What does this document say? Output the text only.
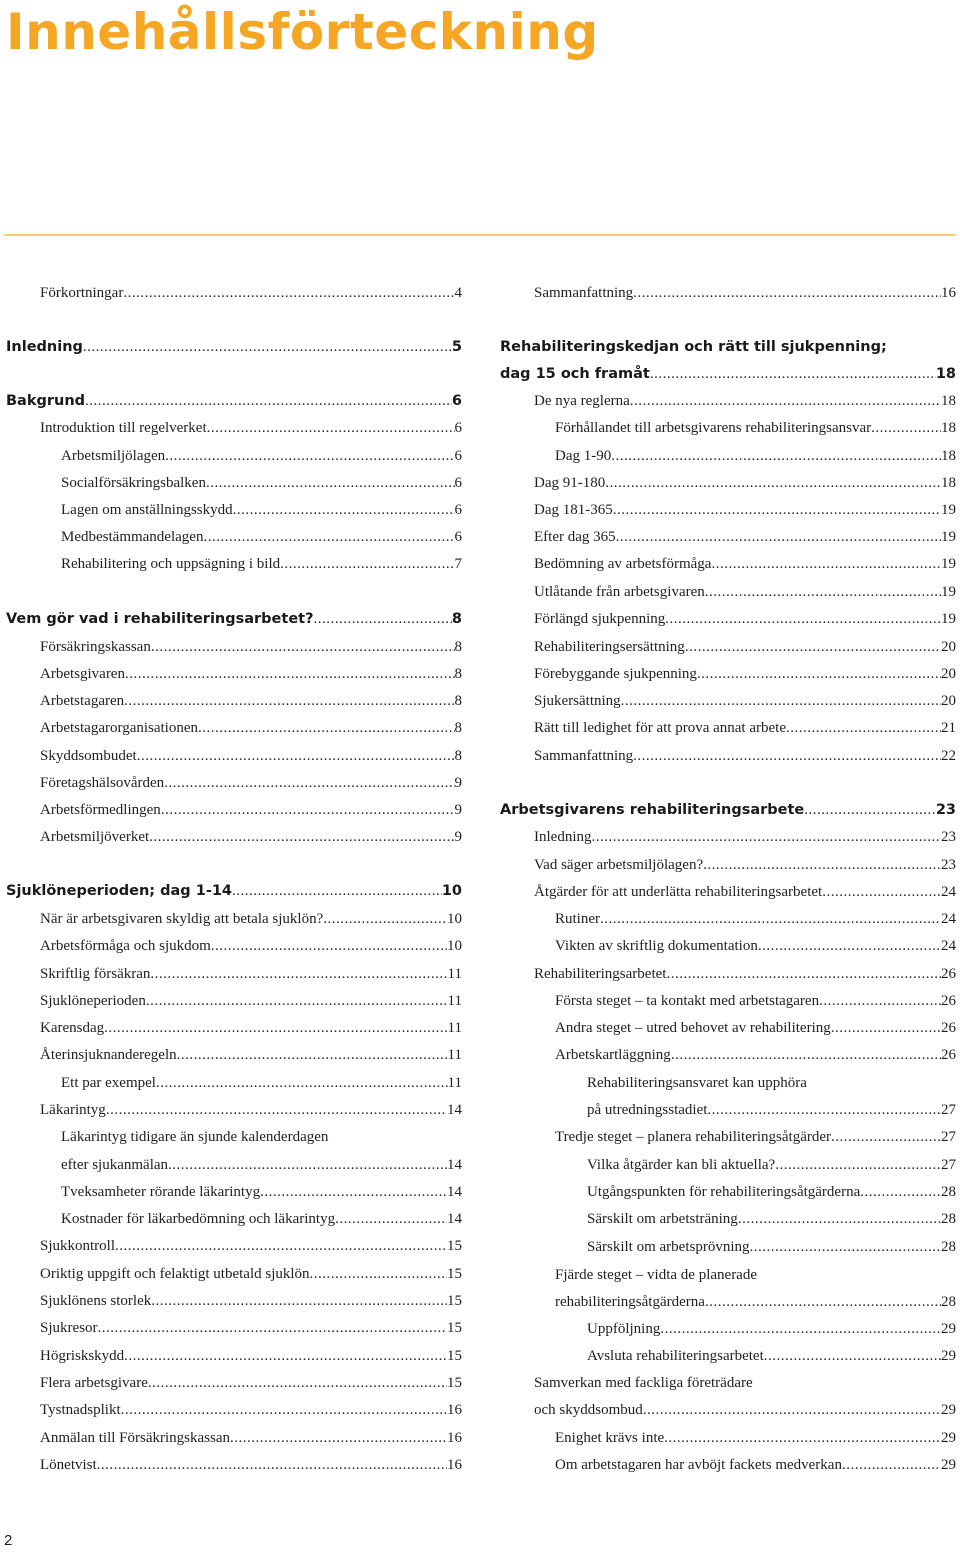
Innehållsförteckning
Förkortningar .....	4
Inledning .....	5
Bakgrund .....	6
Introduktion till regelverket .....	6
Arbetsmiljölagen .....	6
Socialförsäkringsbalken .....	6
Lagen om anställningsskydd .....	6
Medbestämmandelagen .....	6
Rehabilitering och uppsägning i bild .....	7
Vem gör vad i rehabiliteringsarbetet? .....	8
Försäkringskassan .....	8
Arbetsgivaren .....	8
Arbetstagaren .....	8
Arbetstagarorganisationen .....	8
Skyddsombudet .....	8
Företagshälsovården .....	9
Arbetsförmedlingen .....	9
Arbetsmiljöverket .....	9
Sjuklöneperioden; dag 1-14 .....	10
När är arbetsgivaren skyldig att betala sjuklön? .....	10
Arbetsförmåga och sjukdom .....	10
Skriftlig försäkran .....	11
Sjuklöneperioden .....	11
Karensdag .....	11
Återinsjuknanderegeln .....	11
Ett par exempel .....	11
Läkarintyg .....	14
Läkarintyg tidigare än sjunde kalenderdagen
efter sjukanmälan .....	14
Tveksamheter rörande läkarintyg .....	14
Kostnader för läkarbedömning och läkarintyg .....	14
Sjukkontroll .....	15
Oriktig uppgift och felaktigt utbetald sjuklön .....	15
Sjuklönens storlek .....	15
Sjukresor .....	15
Högriskskydd .....	15
Flera arbetsgivare .....	15
Tystnadsplikt .....	16
Anmälan till Försäkringskassan .....	16
Lönetvist .....	16
Sammanfattning .....	16
Rehabiliteringskedjan och rätt till sjukpenning;
dag 15 och framåt .....	18
De nya reglerna .....	18
Förhållandet till arbetsgivarens rehabiliteringsansvar .....	18
Dag 1-90 .....	18
Dag 91-180 .....	18
Dag 181-365 .....	19
Efter dag 365 .....	19
Bedömning av arbetsförmåga .....	19
Utlåtande från arbetsgivaren .....	19
Förlängd sjukpenning .....	19
Rehabiliteringsersättning .....	20
Förebyggande sjukpenning .....	20
Sjukersättning .....	20
Rätt till ledighet för att prova annat arbete .....	21
Sammanfattning .....	22
Arbetsgivarens rehabiliteringsarbete .....	23
Inledning .....	23
Vad säger arbetsmiljölagen? .....	23
Åtgärder för att underlätta rehabiliteringsarbetet .....	24
Rutiner .....	24
Vikten av skriftlig dokumentation .....	24
Rehabiliteringsarbetet .....	26
Första steget – ta kontakt med arbetstagaren .....	26
Andra steget – utred behovet av rehabilitering .....	26
Arbetskartläggning .....	26
Rehabiliteringsansvaret kan upphöra
på utredningsstadiet .....	27
Tredje steget – planera rehabiliteringsåtgärder .....	27
Vilka åtgärder kan bli aktuella? .....	27
Utgångspunkten för rehabiliteringsåtgärderna .....	28
Särskilt om arbetsträning .....	28
Särskilt om arbetsprövning .....	28
Fjärde steget – vidta de planerade
rehabiliteringsåtgärderna .....	28
Uppföljning .....	29
Avsluta rehabiliteringsarbetet .....	29
Samverkan med fackliga företrädare
och skyddsombud .....	29
Enighet krävs inte .....	29
Om arbetstagaren har avböjt fackets medverkan .....	29
2
